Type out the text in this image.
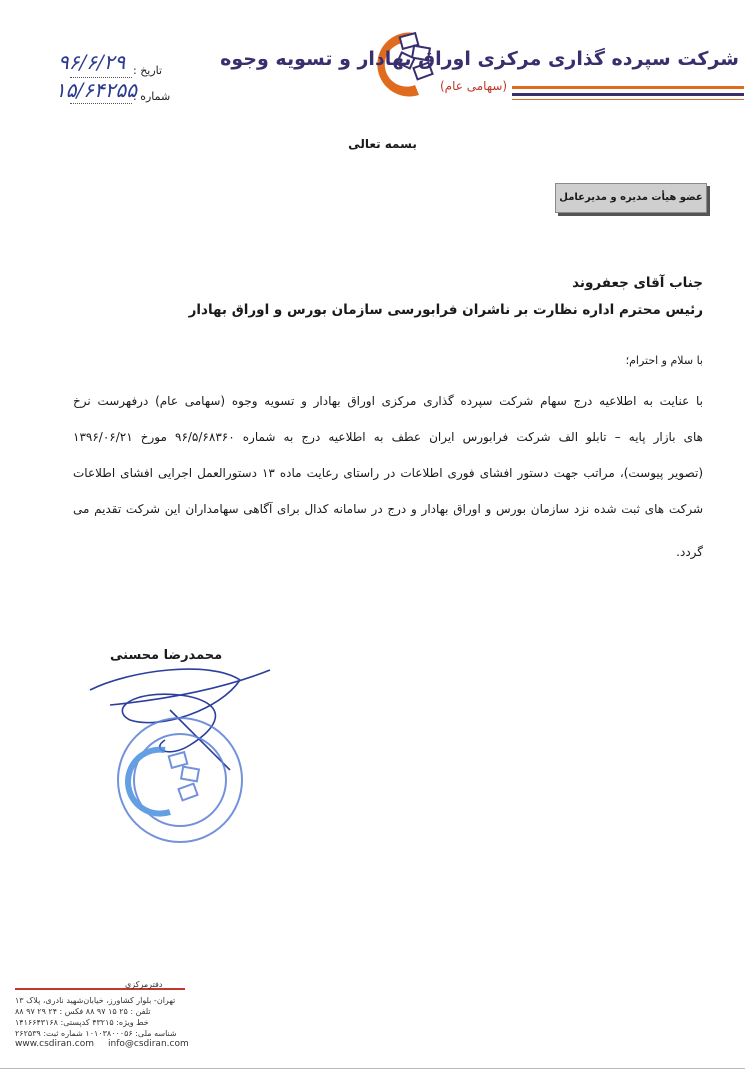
شرکت سپرده گذاری مرکزی اوراق بهادار و تسویه وجوه
(سهامی عام)
تاریخ :
۹۶/۶/۲۹
شماره :
۱۵/۶۴۲۵۵
بسمه تعالی
عضو هیأت مدیره و مدیرعامل
جناب آقای جعفروند
رئیس محترم اداره نظارت بر ناشران فرابورسی سازمان بورس و اوراق بهادار
با سلام و احترام؛
با عنایت به اطلاعیه درج سهام شرکت سپرده گذاری مرکزی اوراق بهادار و تسویه وجوه (سهامی عام) درفهرست نرخ
های بازار پایه – تابلو الف شرکت فرابورس ایران عطف به اطلاعیه درج به شماره ۹۶/۵/۶۸۳۶۰ مورخ ۱۳۹۶/۰۶/۲۱
(تصویر پیوست)، مراتب جهت دستور افشای فوری اطلاعات در راستای رعایت ماده ۱۳ دستورالعمل اجرایی افشای اطلاعات
شرکت های ثبت شده نزد سازمان بورس و اوراق بهادار و درج در سامانه کدال برای آگاهی سهامداران این شرکت تقدیم می
گردد.
محمدرضا محسنی
دفترمرکزی
تهران- بلوار کشاورز، خیابان‌شهید نادری، پلاک ۱۳
تلفن : ۲۵ ۱۵ ۹۷ ۸۸ فکس : ۲۴ ۲۹ ۹۷ ۸۸
خط ویژه: ۴۳۲۱۵ کدپستی: ۱۴۱۶۶۴۳۱۶۸
شناسه ملی: ۱۰۱۰۳۸۰۰۰۵۶ شماره ثبت: ۲۶۲۵۳۹
www.csdiran.com info@csdiran.com
